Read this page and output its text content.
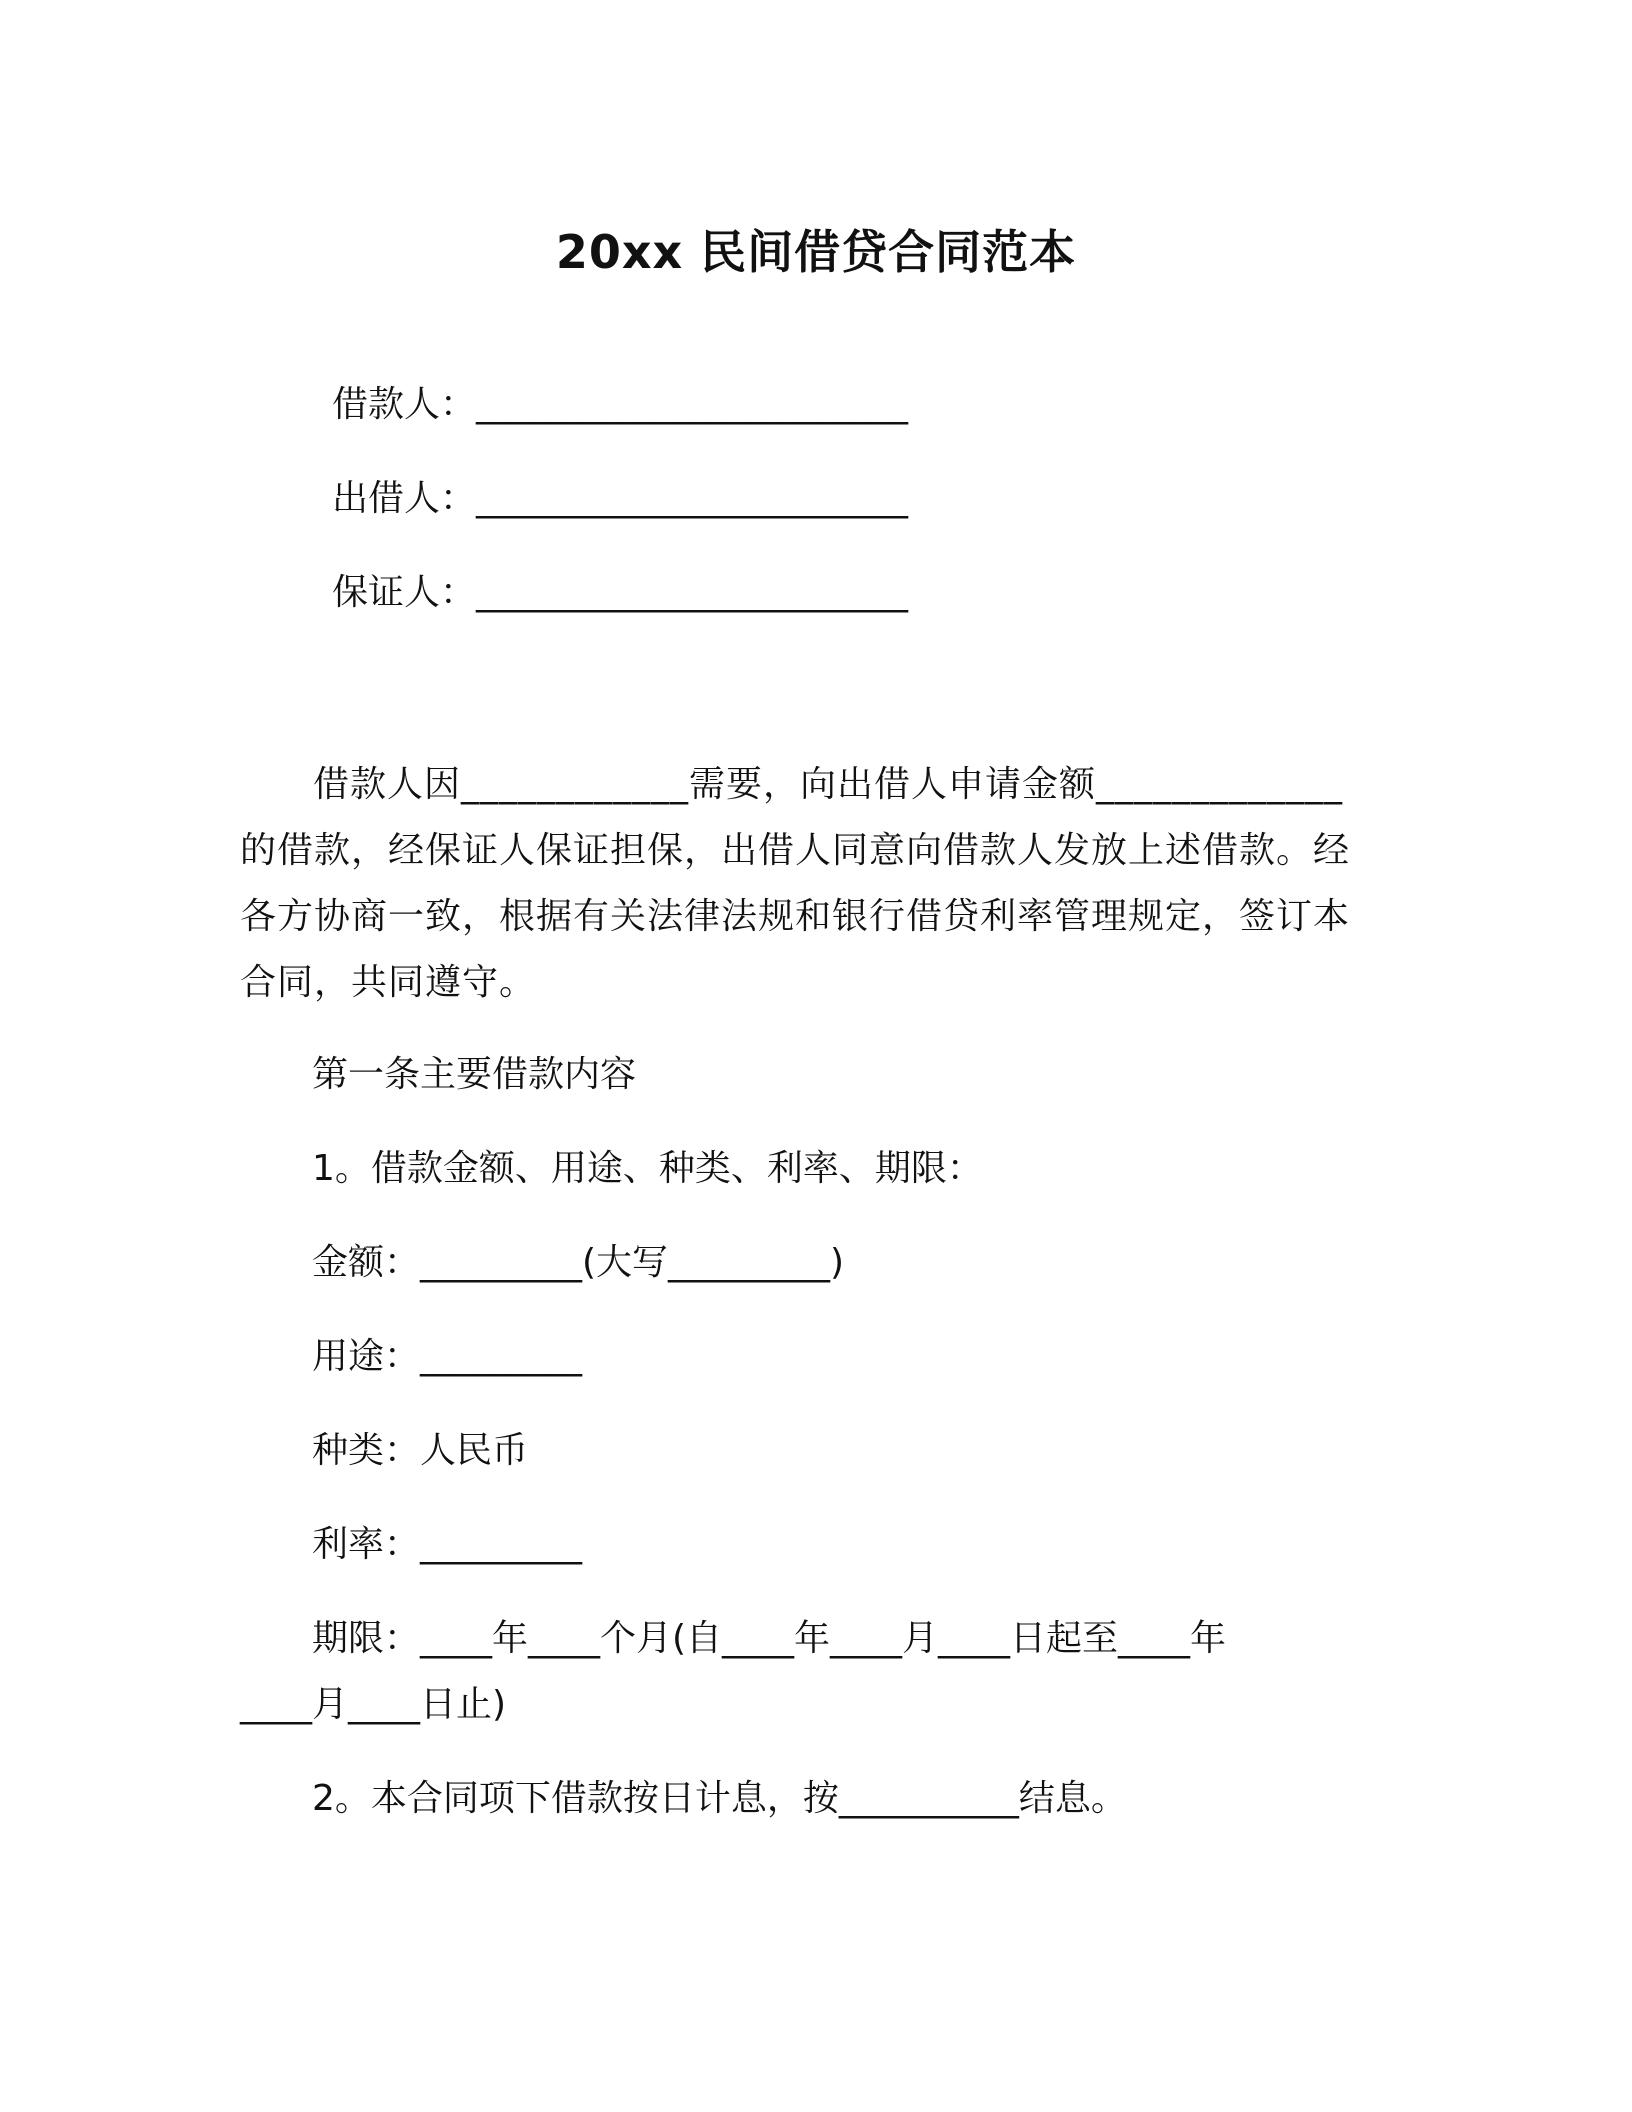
20xx 民间借贷合同范本
借款人：________________________
出借人：________________________
保证人：________________________
借款人因____________需要，向出借人申请金额_____________的借款，经保证人保证担保，出借人同意向借款人发放上述借款。经各方协商一致，根据有关法律法规和银行借贷利率管理规定，签订本合同，共同遵守。
第一条主要借款内容
1。借款金额、用途、种类、利率、期限：
金额：_________(大写_________)
用途：_________
种类：人民币
利率：_________
期限：____年____个月(自____年____月____日起至____年
____月____日止)
2。本合同项下借款按日计息，按__________结息。
